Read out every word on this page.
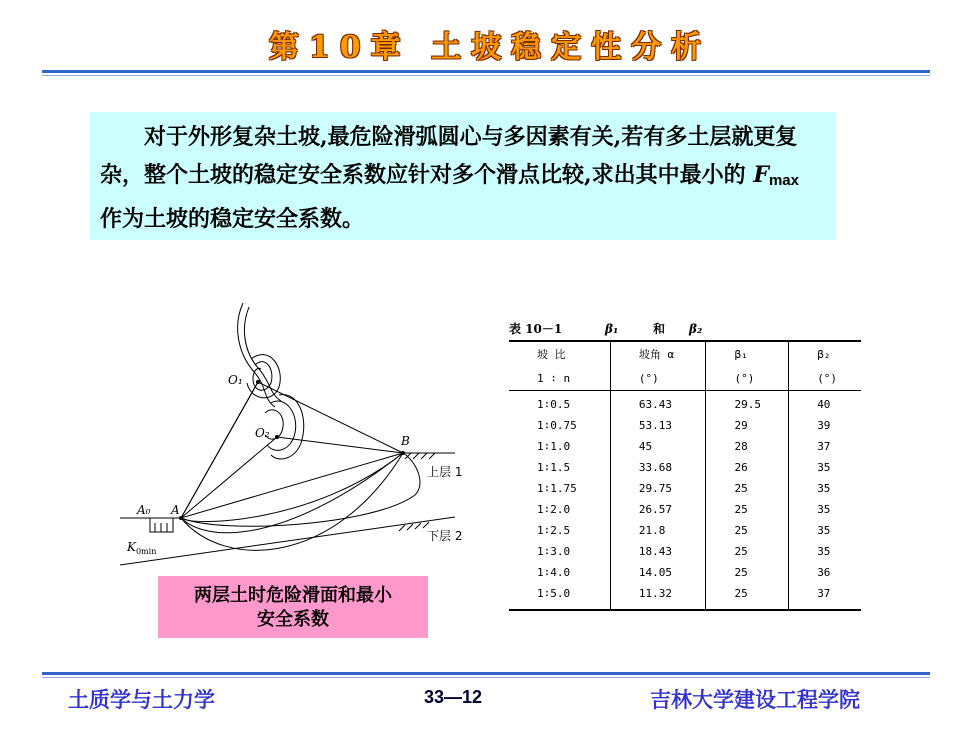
第10章 土坡稳定性分析

对于外形复杂土坡,最危险滑弧圆心与多因素有关,若有多土层就更复杂，整个土坡的稳定安全系数应针对多个滑点比较,求出其中最小的 $F_{max}$ 作为土坡的稳定安全系数。

O₁
O₂
B
A₀ A
$K_{0min}$
上层 1
下层 2
两层土时危险滑面和最小
安全系数
表 10－1	β₁	和 β₂
坡 比	坡角 α	β₁	β₂
1 ∶ n	(°)	(°)	(°)
1∶0.5	63.43	29.5	40
1∶0.75	53.13	29	39
1∶1.0	45	28	37
1∶1.5	33.68	26	35
1∶1.75	29.75	25	35
1∶2.0	26.57	25	35
1∶2.5	21.8	25	35
1∶3.0	18.43	25	35
1∶4.0	14.05	25	36
1∶5.0	11.32	25	37
土质学与土力学	33—12	吉林大学建设工程学院
